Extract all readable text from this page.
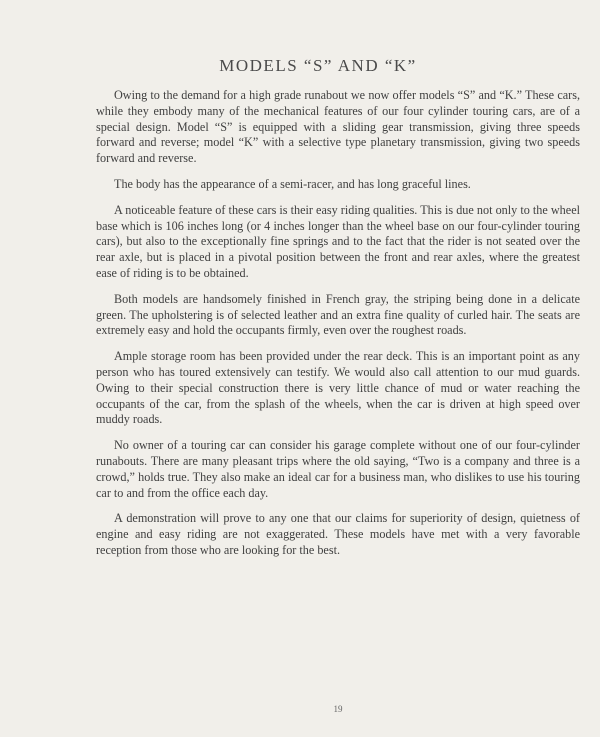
MODELS “S” AND “K”

Owing to the demand for a high grade runabout we now offer models “S” and “K.” These cars, while they embody many of the mechanical features of our four cylinder touring cars, are of a special design. Model “S” is equipped with a sliding gear transmission, giving three speeds forward and reverse; model “K” with a selective type planetary transmission, giving two speeds forward and reverse.

The body has the appearance of a semi-racer, and has long graceful lines.

A noticeable feature of these cars is their easy riding qualities. This is due not only to the wheel base which is 106 inches long (or 4 inches longer than the wheel base on our four-cylinder touring cars), but also to the exceptionally fine springs and to the fact that the rider is not seated over the rear axle, but is placed in a pivotal position between the front and rear axles, where the greatest ease of riding is to be obtained.

Both models are handsomely finished in French gray, the striping being done in a delicate green. The upholstering is of selected leather and an extra fine quality of curled hair. The seats are extremely easy and hold the occupants firmly, even over the roughest roads.

Ample storage room has been provided under the rear deck. This is an important point as any person who has toured extensively can testify. We would also call attention to our mud guards. Owing to their special construction there is very little chance of mud or water reaching the occupants of the car, from the splash of the wheels, when the car is driven at high speed over muddy roads.

No owner of a touring car can consider his garage complete without one of our four-cylinder runabouts. There are many pleasant trips where the old saying, “Two is a company and three is a crowd,” holds true. They also make an ideal car for a business man, who dislikes to use his touring car to and from the office each day.

A demonstration will prove to any one that our claims for superiority of design, quietness of engine and easy riding are not exaggerated. These models have met with a very favorable reception from those who are looking for the best.

19
